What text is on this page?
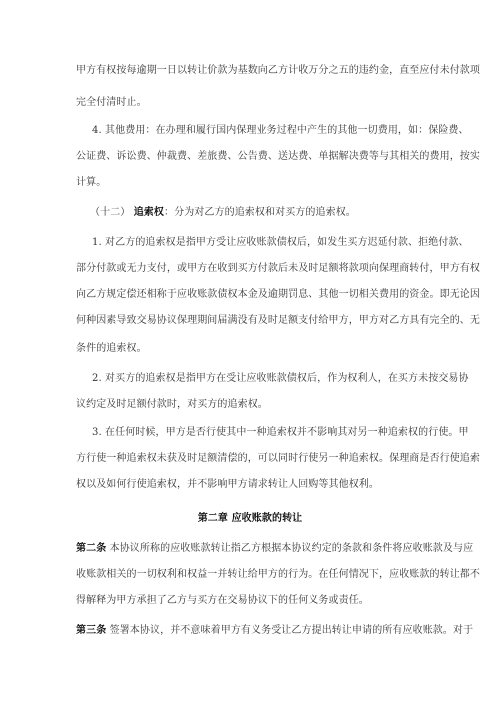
甲方有权按每逾期一日以转让价款为基数向乙方计收万分之五的违约金，直至应付未付款项
完全付清时止。
4. 其他费用：在办理和履行国内保理业务过程中产生的其他一切费用，如：保险费、
公证费、诉讼费、仲裁费、差旅费、公告费、送达费、单据解决费等与其相关的费用，按实
计算。
（十二） 追索权：分为对乙方的追索权和对买方的追索权。
1. 对乙方的追索权是指甲方受让应收账款债权后，如发生买方迟延付款、拒绝付款、
部分付款或无力支付，或甲方在收到买方付款后未及时足额将款项向保理商转付，甲方有权
向乙方规定偿还相称于应收账款债权本金及逾期罚息、其他一切相关费用的资金。即无论因
何种因素导致交易协议保理期间届满没有及时足额支付给甲方，甲方对乙方具有完全的、无
条件的追索权。
2. 对买方的追索权是指甲方在受让应收账款债权后，作为权利人，在买方未按交易协
议约定及时足额付款时，对买方的追索权。
3. 在任何时候，甲方是否行使其中一种追索权并不影响其对另一种追索权的行使。甲
方行使一种追索权未获及时足额清偿的，可以同时行使另一种追索权。保理商是否行使追索
权以及如何行使追索权，并不影响甲方请求转让人回购等其他权利。
第二章 应收账款的转让
第二条 本协议所称的应收账款转让指乙方根据本协议约定的条款和条件将应收账款及与应
收账款相关的一切权利和权益一并转让给甲方的行为。在任何情况下，应收账款的转让都不
得解释为甲方承担了乙方与买方在交易协议下的任何义务或责任。
第三条 签署本协议，并不意味着甲方有义务受让乙方提出转让申请的所有应收账款。对于
